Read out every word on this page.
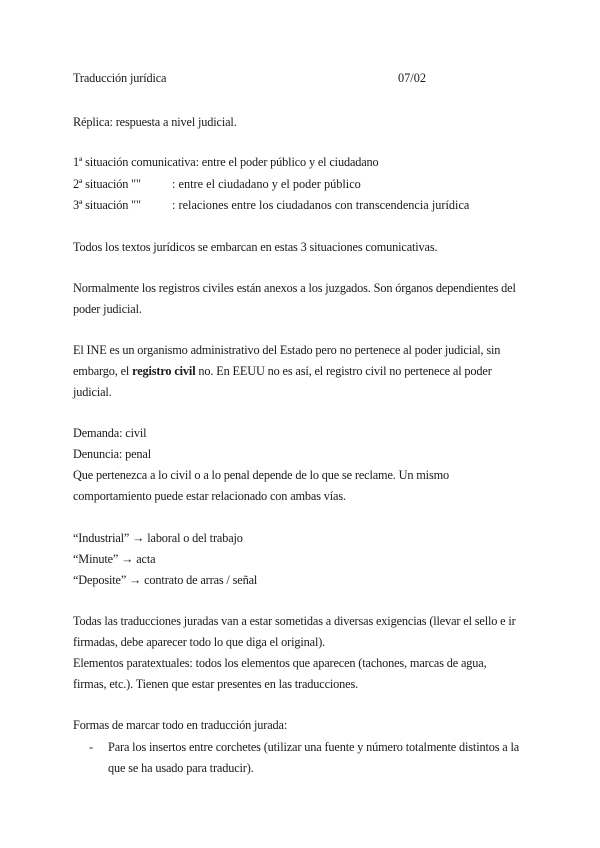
Traducción jurídica	07/02
Réplica: respuesta a nivel judicial.
1ª situación comunicativa: entre el poder público y el ciudadano
2ª situación ""	: entre el ciudadano y el poder público
3ª situación ""	: relaciones entre los ciudadanos con transcendencia jurídica
Todos los textos jurídicos se embarcan en estas 3 situaciones comunicativas.
Normalmente los registros civiles están anexos a los juzgados. Son órganos dependientes del
poder judicial.
El INE es un organismo administrativo del Estado pero no pertenece al poder judicial, sin
embargo, el registro civil no. En EEUU no es así, el registro civil no pertenece al poder
judicial.
Demanda: civil
Denuncia: penal
Que pertenezca a lo civil o a lo penal depende de lo que se reclame. Un mismo
comportamiento puede estar relacionado con ambas vías.
“Industrial” → laboral o del trabajo
“Minute” → acta
“Deposite” → contrato de arras / señal
Todas las traducciones juradas van a estar sometidas a diversas exigencias (llevar el sello e ir
firmadas, debe aparecer todo lo que diga el original).
Elementos paratextuales: todos los elementos que aparecen (tachones, marcas de agua,
firmas, etc.). Tienen que estar presentes en las traducciones.
Formas de marcar todo en traducción jurada:
- Para los insertos entre corchetes (utilizar una fuente y número totalmente distintos a la
que se ha usado para traducir).
